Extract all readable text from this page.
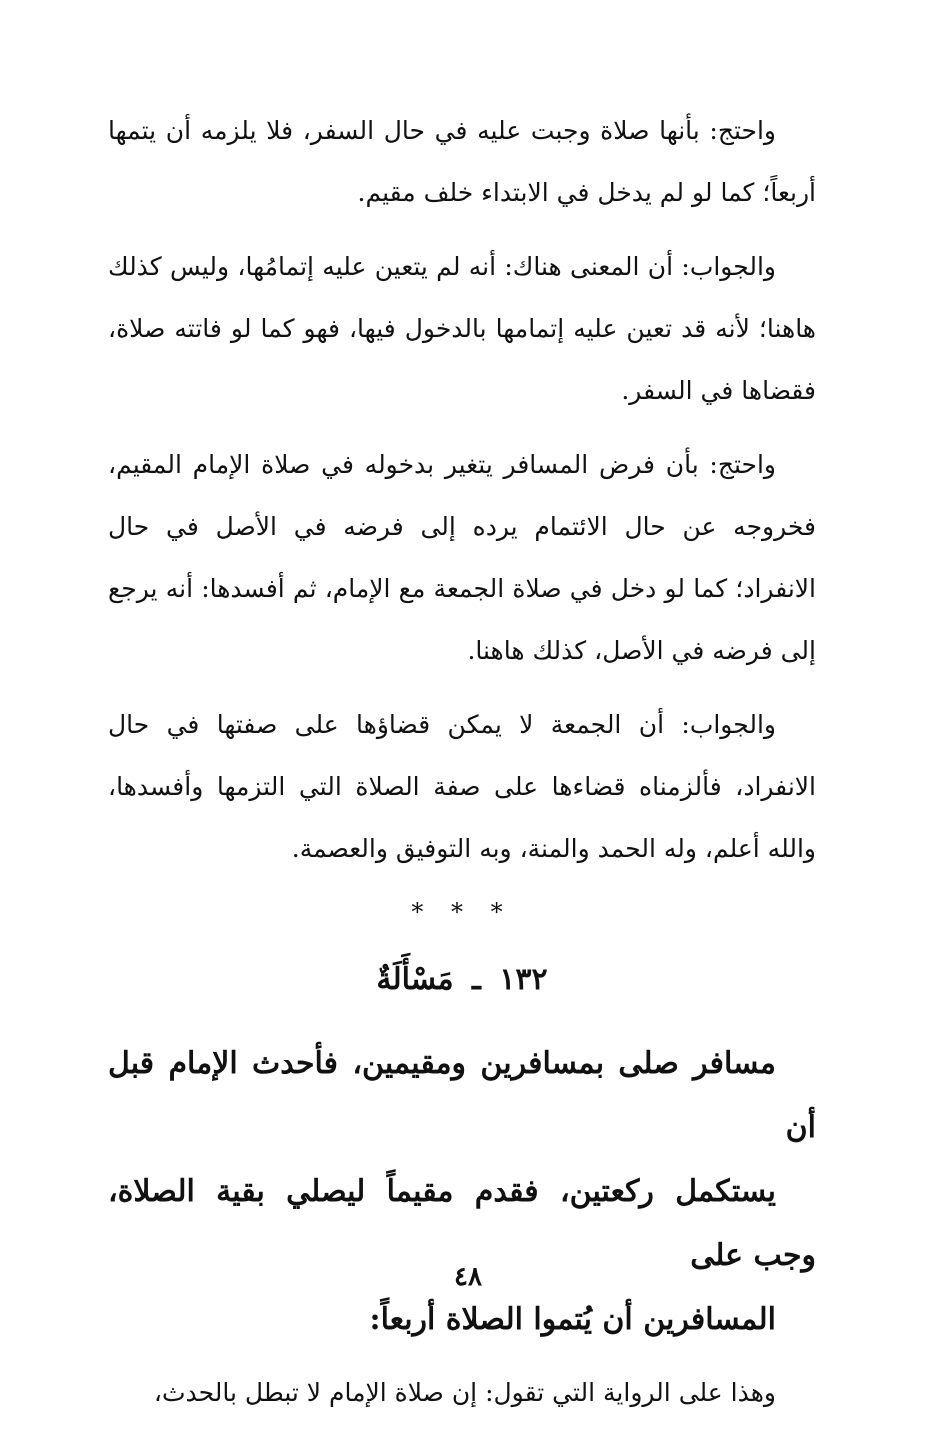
واحتج: بأنها صلاة وجبت عليه في حال السفر، فلا يلزمه أن يتمها أربعاً؛ كما لو لم يدخل في الابتداء خلف مقيم.

والجواب: أن المعنى هناك: أنه لم يتعين عليه إتمامُها، وليس كذلك هاهنا؛ لأنه قد تعين عليه إتمامها بالدخول فيها، فهو كما لو فاتته صلاة، فقضاها في السفر.

واحتج: بأن فرض المسافر يتغير بدخوله في صلاة الإمام المقيم، فخروجه عن حال الائتمام يرده إلى فرضه في الأصل في حال الانفراد؛ كما لو دخل في صلاة الجمعة مع الإمام، ثم أفسدها: أنه يرجع إلى فرضه في الأصل، كذلك هاهنا.

والجواب: أن الجمعة لا يمكن قضاؤها على صفتها في حال الانفراد، فألزمناه قضاءها على صفة الصلاة التي التزمها وأفسدها، والله أعلم، وله الحمد والمنة، وبه التوفيق والعصمة.

* * *
١٣٢ ـ مَسْأَلَةٌ

مسافر صلى بمسافرين ومقيمين، فأحدث الإمام قبل أن
يستكمل ركعتين، فقدم مقيماً ليصلي بقية الصلاة، وجب على
المسافرين أن يُتموا الصلاة أربعاً:

وهذا على الرواية التي تقول: إن صلاة الإمام لا تبطل بالحدث،

٤٨
